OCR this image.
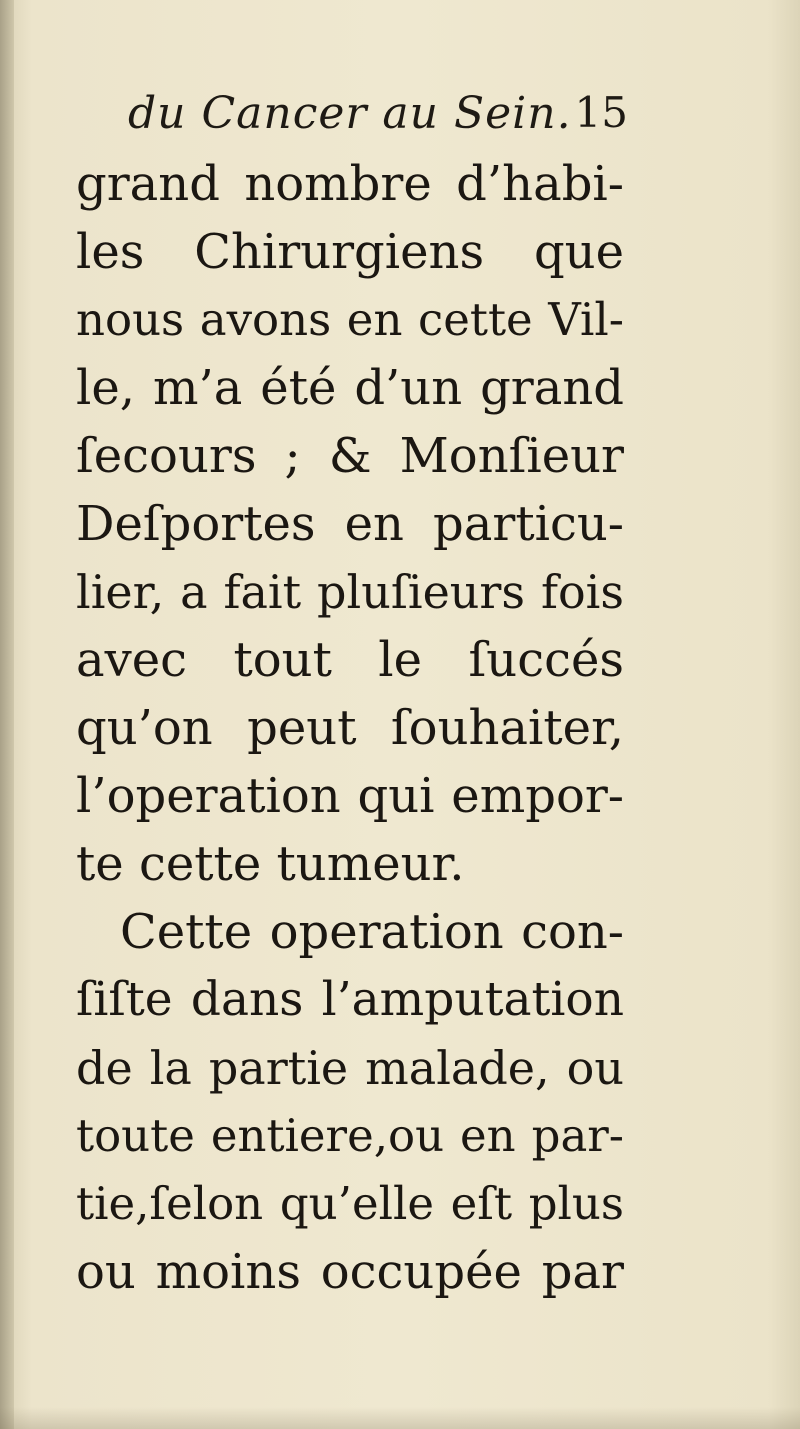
du Cancer au Sein. 15
grand nombre d’habi-
les Chirurgiens que
nous avons en cette Vil-
le, m’a été d’un grand
ſecours ; & Monſieur
Deſportes en particu-
lier, a fait pluſieurs fois
avec tout le ſuccés
qu’on peut ſouhaiter,
l’operation qui empor-
te cette tumeur.
Cette operation con-
ſiſte dans l’amputation
de la partie malade, ou
toute entiere,ou en par-
tie,ſelon qu’elle eſt plus
ou moins occupée par
